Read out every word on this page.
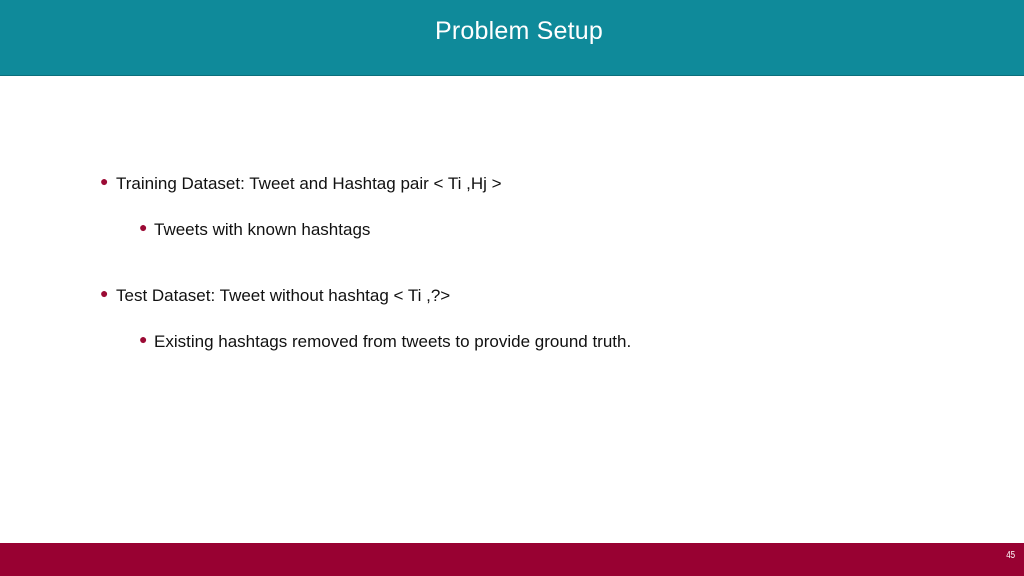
Problem Setup
● Training Dataset: Tweet and Hashtag pair < Ti ,Hj >
● Tweets with known hashtags
● Test Dataset: Tweet without hashtag < Ti ,?>
● Existing hashtags removed from tweets to provide ground truth.
45
